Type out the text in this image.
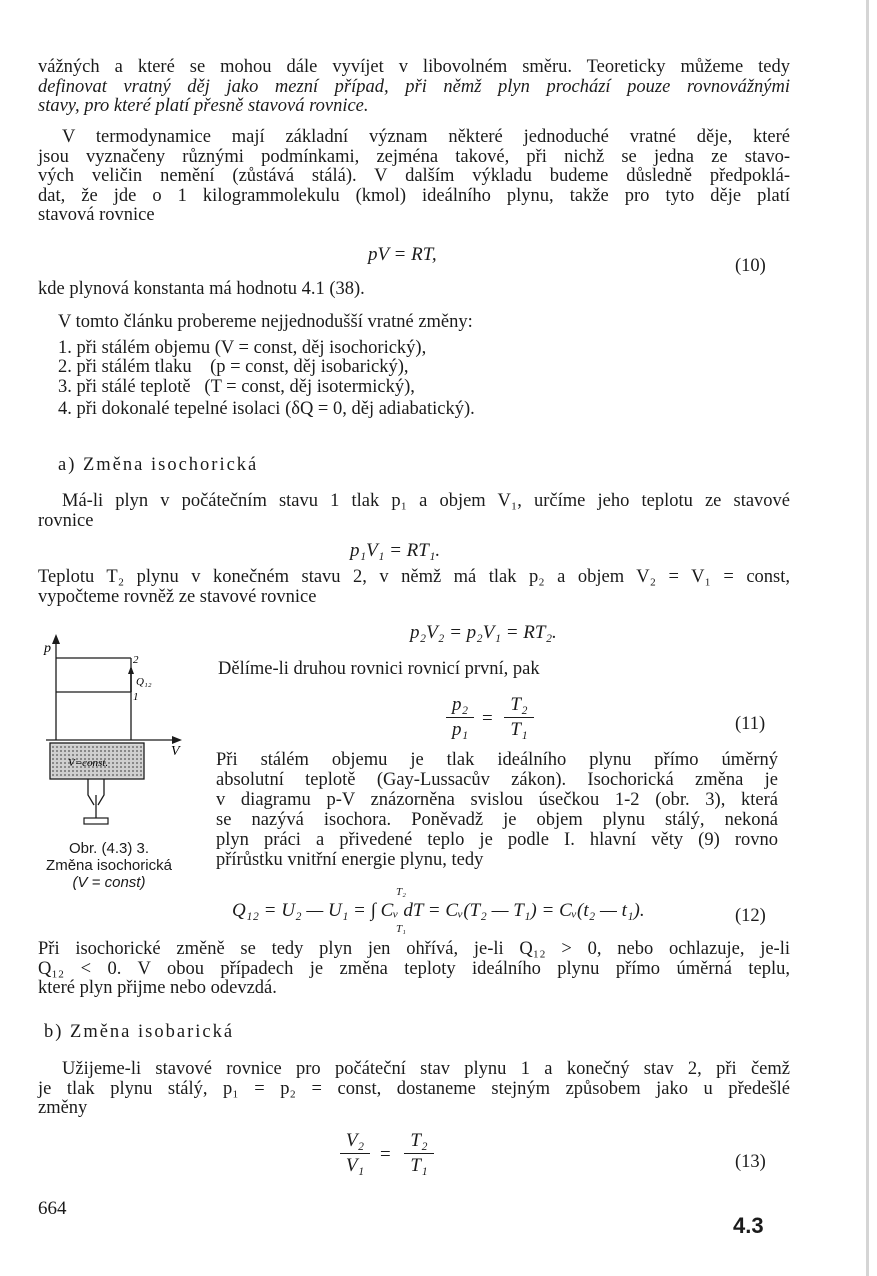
vážných a které se mohou dále vyvíjet v libovolném směru. Teoreticky můžeme tedy
definovat vratný děj jako mezní případ, při němž plyn prochází pouze rovnovážnými
stavy, pro které platí přesně stavová rovnice.
V termodynamice mají základní význam některé jednoduché vratné děje, které
jsou vyznačeny různými podmínkami, zejména takové, při nichž se jedna ze stavo-
vých veličin nemění (zůstává stálá). V dalším výkladu budeme důsledně předpoklá-
dat, že jde o 1 kilogrammolekulu (kmol) ideálního plynu, takže pro tyto děje platí
stavová rovnice
pV = RT,
(10)
kde plynová konstanta má hodnotu 4.1 (38).
V tomto článku probereme nejjednodušší vratné změny:
1. při stálém objemu (V = const, děj isochorický),
2. při stálém tlaku    (p = const, děj isobarický),
3. při stálé teplotě   (T = const, děj isotermický),
4. při dokonalé tepelné isolaci (δQ = 0, děj adiabatický).
a) Změna isochorická
Má-li plyn v počátečním stavu 1 tlak p₁ a objem V₁, určíme jeho teplotu ze stavové
rovnice
p₁V₁ = RT₁.
Teplotu T₂ plynu v konečném stavu 2, v němž má tlak p₂ a objem V₂ = V₁ = const,
vypočteme rovněž ze stavové rovnice
p₂V₂ = p₂V₁ = RT₂.
p
V
2
1
Q₁₂
V=const.
Obr. (4.3) 3.
Změna isochorická
(V = const)
Dělíme-li druhou rovnici rovnicí první, pak
$\frac{\text{p₂}}{\text{p₁}} = \frac{\text{T₂}}{\text{T₁}}$	(11)
Při stálém objemu je tlak ideálního plynu přímo úměrný
absolutní teplotě (Gay-Lussacův zákon). Isochorická změna je
v diagramu p-V znázorněna svislou úsečkou 1-2 (obr. 3), která
se nazývá isochora. Poněvadž je objem plynu stálý, nekoná
plyn práci a přivedené teplo je podle I. hlavní věty (9) rovno
přírůstku vnitřní energie plynu, tedy
T₂
Q₁₂ = U₂ — U₁ = ∫ Cᵥ dT = Cᵥ(T₂ — T₁) = Cᵥ(t₂ — t₁).
T₁
(12)
Při isochorické změně se tedy plyn jen ohřívá, je-li Q₁₂ > 0, nebo ochlazuje, je-li
Q₁₂ < 0. V obou případech je změna teploty ideálního plynu přímo úměrná teplu,
které plyn přijme nebo odevzdá.
b) Změna isobarická
Užijeme-li stavové rovnice pro počáteční stav plynu 1 a konečný stav 2, při čemž
je tlak plynu stálý, p₁ = p₂ = const, dostaneme stejným způsobem jako u předešlé
změny
$\frac{\text{V₂}}{\text{V₁}} = \frac{\text{T₂}}{\text{T₁}}$	(13)
664
4.3
